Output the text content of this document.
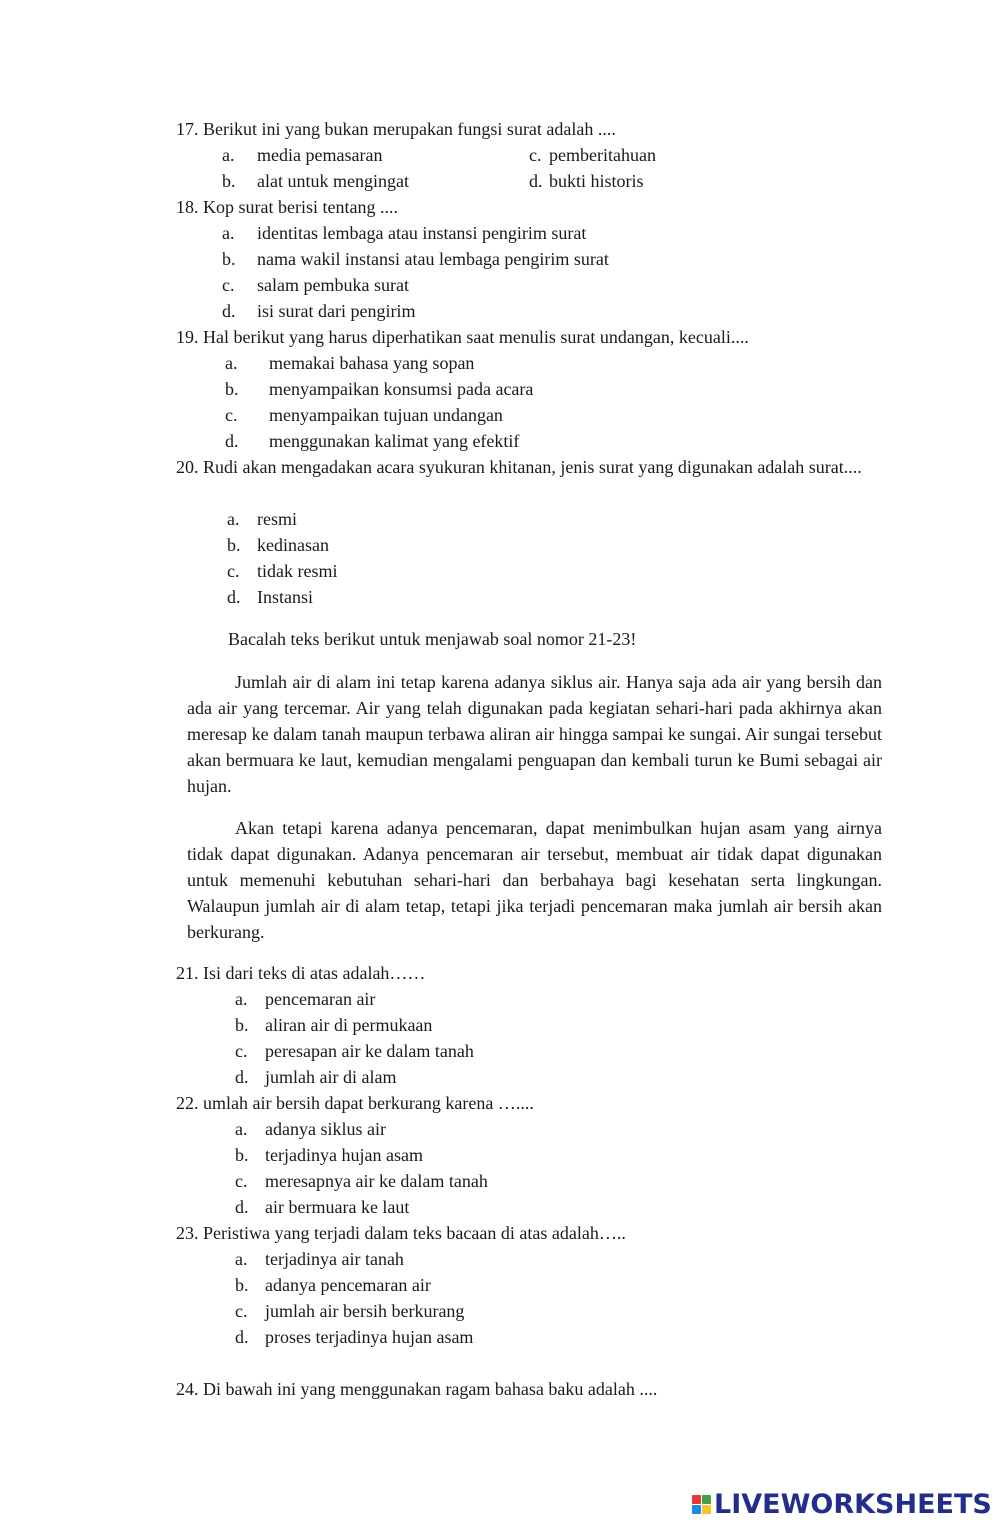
17. Berikut ini yang bukan merupakan fungsi surat adalah ....
a. media pemasaran	c. pemberitahuan
b. alat untuk mengingat	d. bukti historis
18. Kop surat berisi tentang ....
a. identitas lembaga atau instansi pengirim surat
b. nama wakil instansi atau lembaga pengirim surat
c. salam pembuka surat
d. isi surat dari pengirim
19. Hal berikut yang harus diperhatikan saat menulis surat undangan, kecuali....
a. memakai bahasa yang sopan
b. menyampaikan konsumsi pada acara
c. menyampaikan tujuan undangan
d. menggunakan kalimat yang efektif
20. Rudi akan mengadakan acara syukuran khitanan, jenis surat yang digunakan adalah surat....
a. resmi
b. kedinasan
c. tidak resmi
d. Instansi
Bacalah teks berikut untuk menjawab soal nomor 21-23!
Jumlah air di alam ini tetap karena adanya siklus air. Hanya saja ada air yang bersih dan ada air yang tercemar. Air yang telah digunakan pada kegiatan sehari-hari pada akhirnya akan meresap ke dalam tanah maupun terbawa aliran air hingga sampai ke sungai. Air sungai tersebut akan bermuara ke laut, kemudian mengalami penguapan dan kembali turun ke Bumi sebagai air hujan.
Akan tetapi karena adanya pencemaran, dapat menimbulkan hujan asam yang airnya tidak dapat digunakan. Adanya pencemaran air tersebut, membuat air tidak dapat digunakan untuk memenuhi kebutuhan sehari-hari dan berbahaya bagi kesehatan serta lingkungan. Walaupun jumlah air di alam tetap, tetapi jika terjadi pencemaran maka jumlah air bersih akan berkurang.
21. Isi dari teks di atas adalah……
a. pencemaran air
b. aliran air di permukaan
c. peresapan air ke dalam tanah
d. jumlah air di alam
22. umlah air bersih dapat berkurang karena …....
a. adanya siklus air
b. terjadinya hujan asam
c. meresapnya air ke dalam tanah
d. air bermuara ke laut
23. Peristiwa yang terjadi dalam teks bacaan di atas adalah…..
a. terjadinya air tanah
b. adanya pencemaran air
c. jumlah air bersih berkurang
d. proses terjadinya hujan asam
24. Di bawah ini yang menggunakan ragam bahasa baku adalah ....
LIVEWORKSHEETS
